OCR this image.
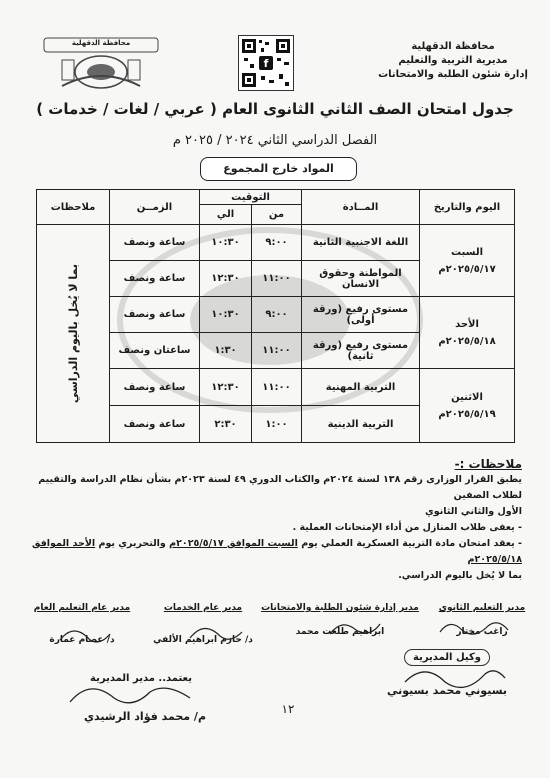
محافظة الدقهلية
مديرية التربية والتعليم
إدارة شئون الطلبة والامتحانات
محافظة الدقهلية
f
جدول امتحان الصف الثاني الثانوى العام ( عربي / لغات / خدمات )
الفصل الدراسي الثاني ٢٠٢٤ / ٢٠٢٥ م
المواد خارج المجموع
اليوم والتاريخ	المــادة	التوقيت		الزمــن	ملاحظات
		من	الي		

السبت
٢٠٢٥/٥/١٧م	اللغة الاجنبية الثانية	٩:٠٠	١٠:٣٠	ساعة ونصف	بما لا يُخل باليوم الدراسي

	المواطنة وحقوق الانسان	١١:٠٠	١٢:٣٠	ساعة ونصف	

الأحد
٢٠٢٥/٥/١٨م	مستوى رفيع (ورقة أولى)	٩:٠٠	١٠:٣٠	ساعة ونصف	
	مستوى رفيع (ورقة ثانية)	١١:٠٠	١:٣٠	ساعتان ونصف	

الاثنين
٢٠٢٥/٥/١٩م	التربية المهنية	١١:٠٠	١٢:٣٠	ساعة ونصف	
	التربية الدينية	١:٠٠	٢:٣٠	ساعة ونصف	
ملاحظات :-
يطبق القرار الوزارى رقم ١٣٨ لسنة ٢٠٢٤م والكتاب الدوري ٤٩ لسنة ٢٠٢٣م بشأن نظام الدراسة والتقييم لطلاب الصفين
الأول والثاني الثانوي
- يعفى طلاب المنازل من أداء الإمتحانات العملية .
- يعقد امتحان مادة التربية العسكرية العملي يوم السبت الموافق ٢٠٢٥/٥/١٧م والتحريري يوم الأحد الموافق ٢٠٢٥/٥/١٨م
بما لا يُخل باليوم الدراسي.
مدير التعليم الثانوي
راغب مختار
مدير إدارة شئون الطلبة والامتحانات
ابراهيم طلعت محمد
مدير عام الخدمات
د/ حازم ابراهيم الألفي
مدير عام التعليم العام
د/ عصام عمارة
وكيل المديرية
بسيوني محمد بسيوني
يعتمد.. مدير المديرية
م/ محمد فؤاد الرشيدي
١٢
